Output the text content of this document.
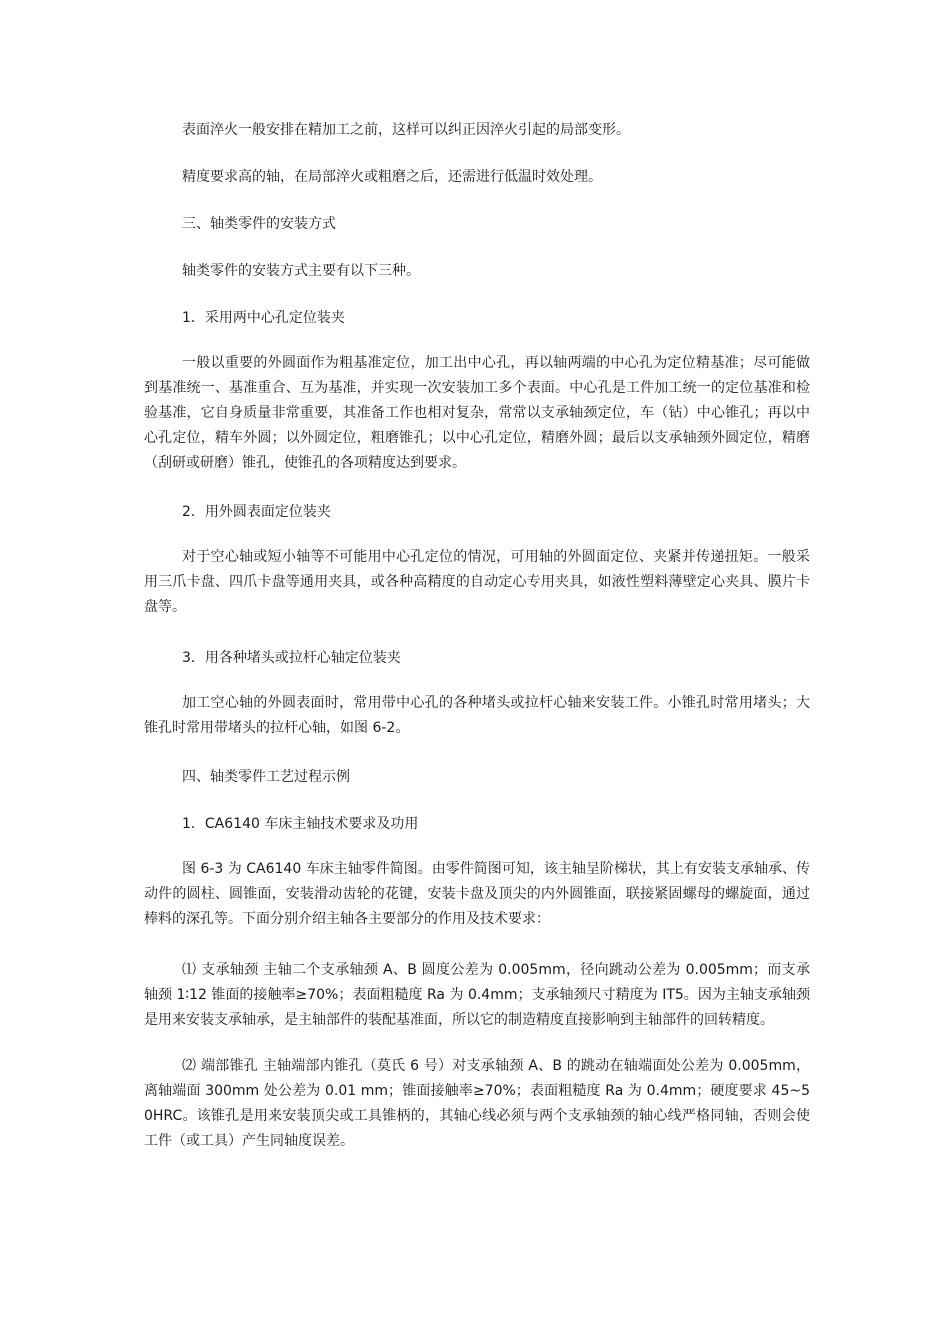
表面淬火一般安排在精加工之前，这样可以纠正因淬火引起的局部变形。
精度要求高的轴，在局部淬火或粗磨之后，还需进行低温时效处理。
三、轴类零件的安装方式
轴类零件的安装方式主要有以下三种。
1．采用两中心孔定位装夹
一般以重要的外圆面作为粗基准定位，加工出中心孔，再以轴两端的中心孔为定位精基准；尽可能做到基准统一、基准重合、互为基准，并实现一次安装加工多个表面。中心孔是工件加工统一的定位基准和检验基准，它自身质量非常重要，其准备工作也相对复杂，常常以支承轴颈定位，车（钻）中心锥孔；再以中心孔定位，精车外圆；以外圆定位，粗磨锥孔；以中心孔定位，精磨外圆；最后以支承轴颈外圆定位，精磨（刮研或研磨）锥孔，使锥孔的各项精度达到要求。
2．用外圆表面定位装夹
对于空心轴或短小轴等不可能用中心孔定位的情况，可用轴的外圆面定位、夹紧并传递扭矩。一般采用三爪卡盘、四爪卡盘等通用夹具，或各种高精度的自动定心专用夹具，如液性塑料薄壁定心夹具、膜片卡盘等。
3．用各种堵头或拉杆心轴定位装夹
加工空心轴的外圆表面时，常用带中心孔的各种堵头或拉杆心轴来安装工件。小锥孔时常用堵头；大锥孔时常用带堵头的拉杆心轴，如图 6-2。
四、轴类零件工艺过程示例
1．CA6140 车床主轴技术要求及功用
图 6-3 为 CA6140 车床主轴零件简图。由零件简图可知，该主轴呈阶梯状，其上有安装支承轴承、传动件的圆柱、圆锥面，安装滑动齿轮的花键，安装卡盘及顶尖的内外圆锥面，联接紧固螺母的螺旋面，通过棒料的深孔等。下面分别介绍主轴各主要部分的作用及技术要求：
⑴ 支承轴颈 主轴二个支承轴颈 A、B 圆度公差为 0.005mm，径向跳动公差为 0.005mm；而支承轴颈 1∶12 锥面的接触率≥70%；表面粗糙度 Ra 为 0.4mm；支承轴颈尺寸精度为 IT5。因为主轴支承轴颈是用来安装支承轴承，是主轴部件的装配基准面，所以它的制造精度直接影响到主轴部件的回转精度。
⑵ 端部锥孔 主轴端部内锥孔（莫氏 6 号）对支承轴颈 A、B 的跳动在轴端面处公差为 0.005mm，离轴端面 300mm 处公差为 0.01 mm；锥面接触率≥70%；表面粗糙度 Ra 为 0.4mm；硬度要求 45~50HRC。该锥孔是用来安装顶尖或工具锥柄的，其轴心线必须与两个支承轴颈的轴心线严格同轴，否则会使工件（或工具）产生同轴度误差。
